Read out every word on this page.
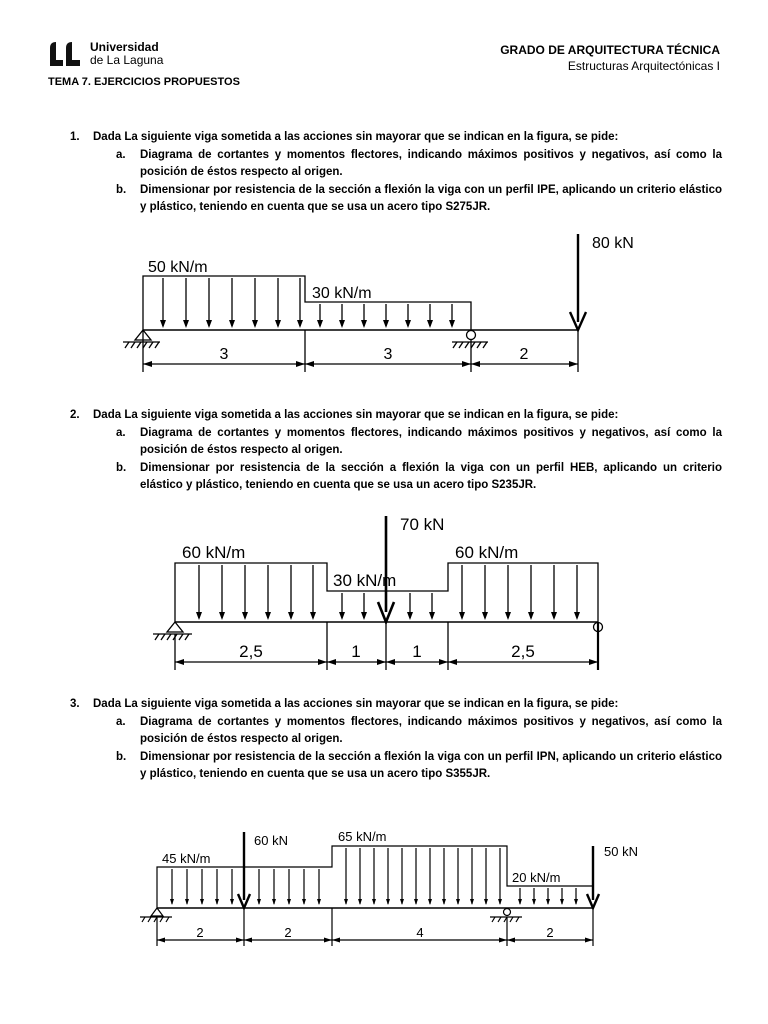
Universidad
de La Laguna
GRADO DE ARQUITECTURA TÉCNICA
Estructuras Arquitectónicas I
TEMA 7. EJERCICIOS PROPUESTOS
1. Dada La siguiente viga sometida a las acciones sin mayorar que se indican en la figura, se pide:
a. Diagrama de cortantes y momentos flectores, indicando máximos positivos y negativos, así como la posición de éstos respecto al origen.
b. Dimensionar por resistencia de la sección a flexión la viga con un perfil IPE, aplicando un criterio elástico y plástico, teniendo en cuenta que se usa un acero tipo S275JR.
50 kN/m
30 kN/m
80 kN
3	3	2
2. Dada La siguiente viga sometida a las acciones sin mayorar que se indican en la figura, se pide:
a. Diagrama de cortantes y momentos flectores, indicando máximos positivos y negativos, así como la posición de éstos respecto al origen.
b. Dimensionar por resistencia de la sección a flexión la viga con un perfil HEB, aplicando un criterio elástico y plástico, teniendo en cuenta que se usa un acero tipo S235JR.
60 kN/m
30 kN/m
70 kN
60 kN/m
2,5	1	1	2,5
3. Dada La siguiente viga sometida a las acciones sin mayorar que se indican en la figura, se pide:
a. Diagrama de cortantes y momentos flectores, indicando máximos positivos y negativos, así como la posición de éstos respecto al origen.
b. Dimensionar por resistencia de la sección a flexión la viga con un perfil IPN, aplicando un criterio elástico y plástico, teniendo en cuenta que se usa un acero tipo S355JR.
45 kN/m
60 kN	65 kN/m
20 kN/m
50 kN
2	2	4	2
